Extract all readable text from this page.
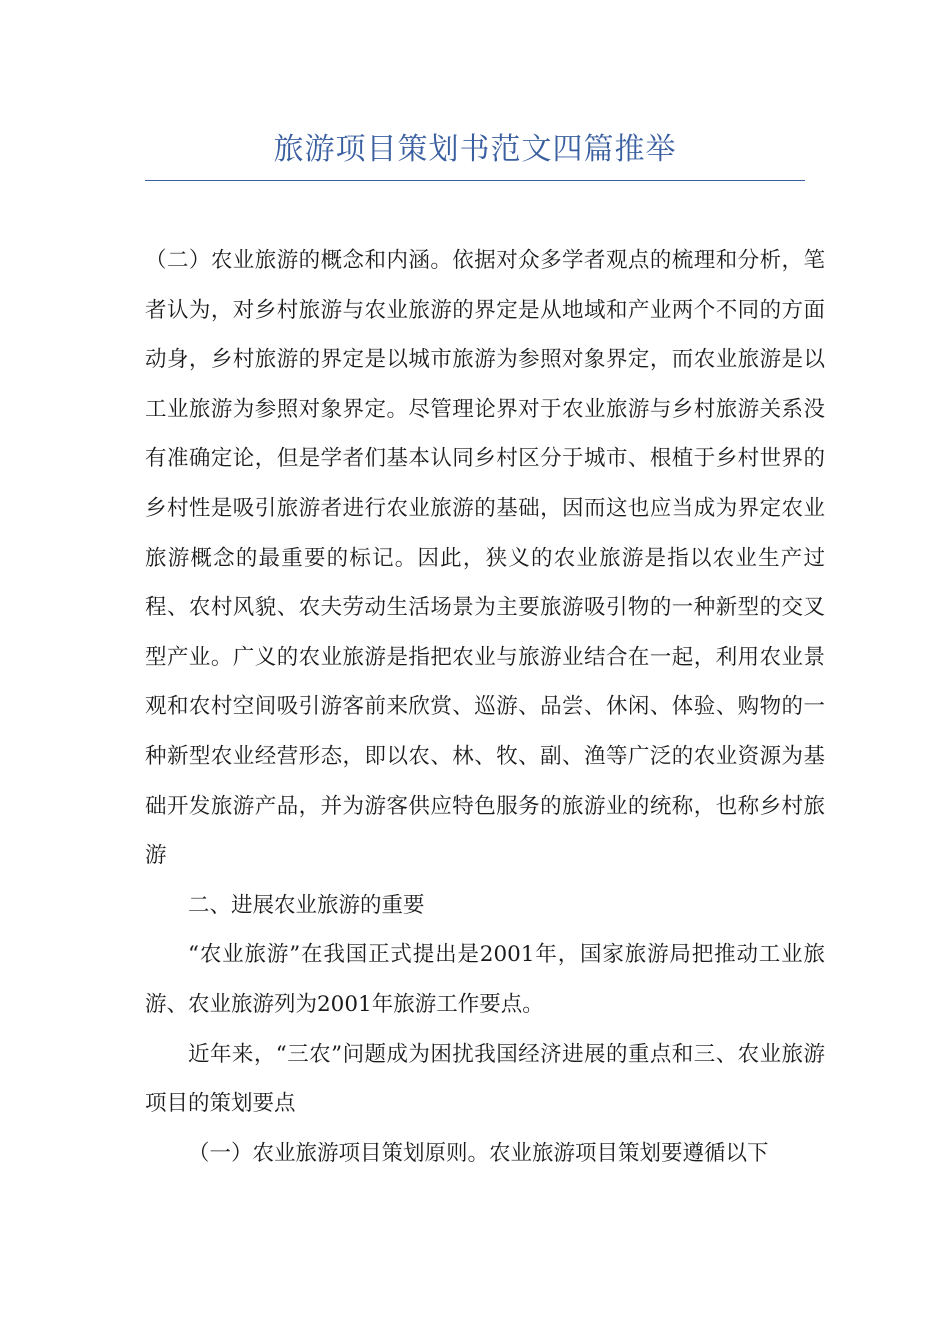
旅游项目策划书范文四篇推举

（二）农业旅游的概念和内涵。依据对众多学者观点的梳理和分析，笔者认为，对乡村旅游与农业旅游的界定是从地域和产业两个不同的方面动身，乡村旅游的界定是以城市旅游为参照对象界定，而农业旅游是以工业旅游为参照对象界定。尽管理论界对于农业旅游与乡村旅游关系没有准确定论，但是学者们基本认同乡村区分于城市、根植于乡村世界的乡村性是吸引旅游者进行农业旅游的基础，因而这也应当成为界定农业旅游概念的最重要的标记。因此，狭义的农业旅游是指以农业生产过程、农村风貌、农夫劳动生活场景为主要旅游吸引物的一种新型的交叉型产业。广义的农业旅游是指把农业与旅游业结合在一起，利用农业景观和农村空间吸引游客前来欣赏、巡游、品尝、休闲、体验、购物的一种新型农业经营形态，即以农、林、牧、副、渔等广泛的农业资源为基础开发旅游产品，并为游客供应特色服务的旅游业的统称，也称乡村旅游

二、进展农业旅游的重要

“农业旅游”在我国正式提出是2001年，国家旅游局把推动工业旅游、农业旅游列为2001年旅游工作要点。

近年来，“三农”问题成为困扰我国经济进展的重点和三、农业旅游项目的策划要点

（一）农业旅游项目策划原则。农业旅游项目策划要遵循以下
